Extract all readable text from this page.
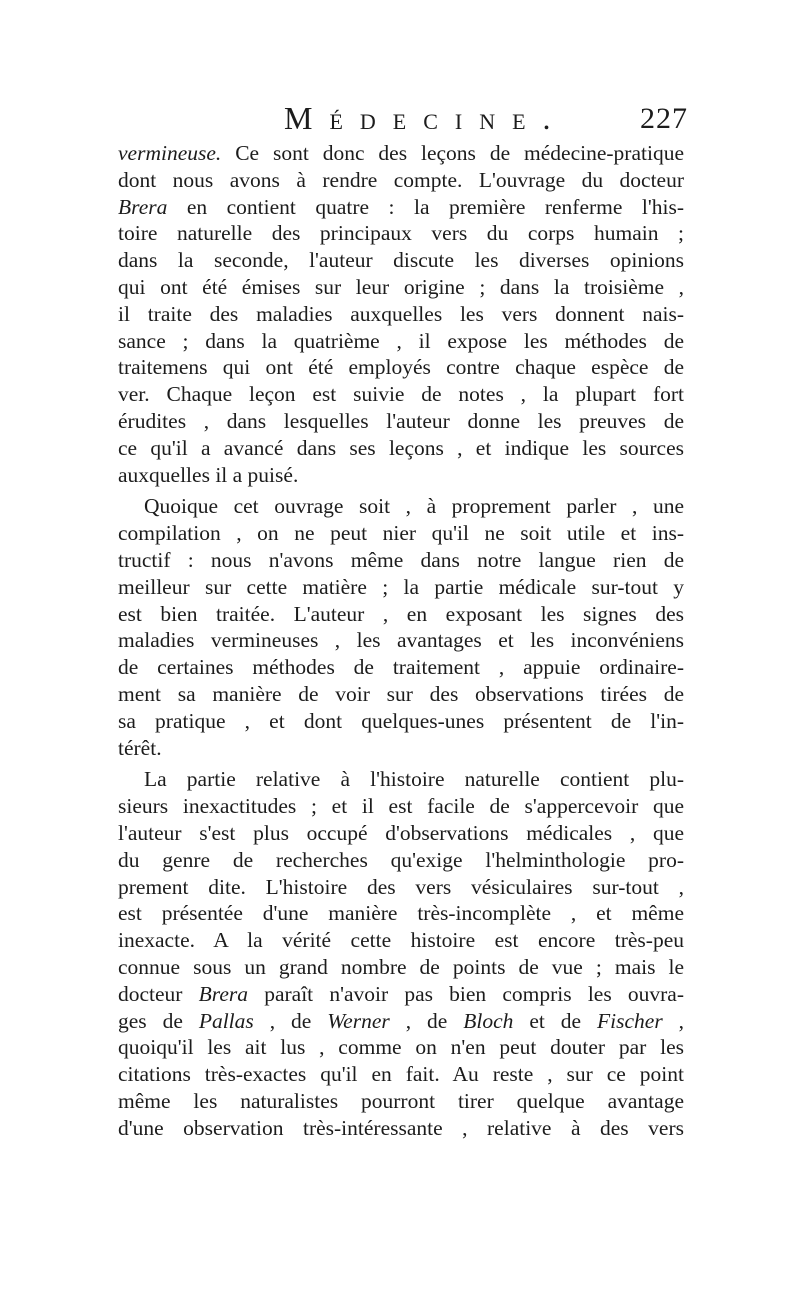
Médecine. 227
vermineuse. Ce sont donc des leçons de médecine-pratique
dont nous avons à rendre compte. L'ouvrage du docteur
Brera en contient quatre : la première renferme l'his-
toire naturelle des principaux vers du corps humain ;
dans la seconde, l'auteur discute les diverses opinions
qui ont été émises sur leur origine ; dans la troisième ,
il traite des maladies auxquelles les vers donnent nais-
sance ; dans la quatrième , il expose les méthodes de
traitemens qui ont été employés contre chaque espèce de
ver. Chaque leçon est suivie de notes , la plupart fort
érudites , dans lesquelles l'auteur donne les preuves de
ce qu'il a avancé dans ses leçons , et indique les sources
auxquelles il a puisé.
Quoique cet ouvrage soit , à proprement parler , une
compilation , on ne peut nier qu'il ne soit utile et ins-
tructif : nous n'avons même dans notre langue rien de
meilleur sur cette matière ; la partie médicale sur-tout y
est bien traitée. L'auteur , en exposant les signes des
maladies vermineuses , les avantages et les inconvéniens
de certaines méthodes de traitement , appuie ordinaire-
ment sa manière de voir sur des observations tirées de
sa pratique , et dont quelques-unes présentent de l'in-
térêt.
La partie relative à l'histoire naturelle contient plu-
sieurs inexactitudes ; et il est facile de s'appercevoir que
l'auteur s'est plus occupé d'observations médicales , que
du genre de recherches qu'exige l'helminthologie pro-
prement dite. L'histoire des vers vésiculaires sur-tout ,
est présentée d'une manière très-incomplète , et même
inexacte. A la vérité cette histoire est encore très-peu
connue sous un grand nombre de points de vue ; mais le
docteur Brera paraît n'avoir pas bien compris les ouvra-
ges de Pallas , de Werner , de Bloch et de Fischer ,
quoiqu'il les ait lus , comme on n'en peut douter par les
citations très-exactes qu'il en fait. Au reste , sur ce point
même les naturalistes pourront tirer quelque avantage
d'une observation très-intéressante , relative à des vers
